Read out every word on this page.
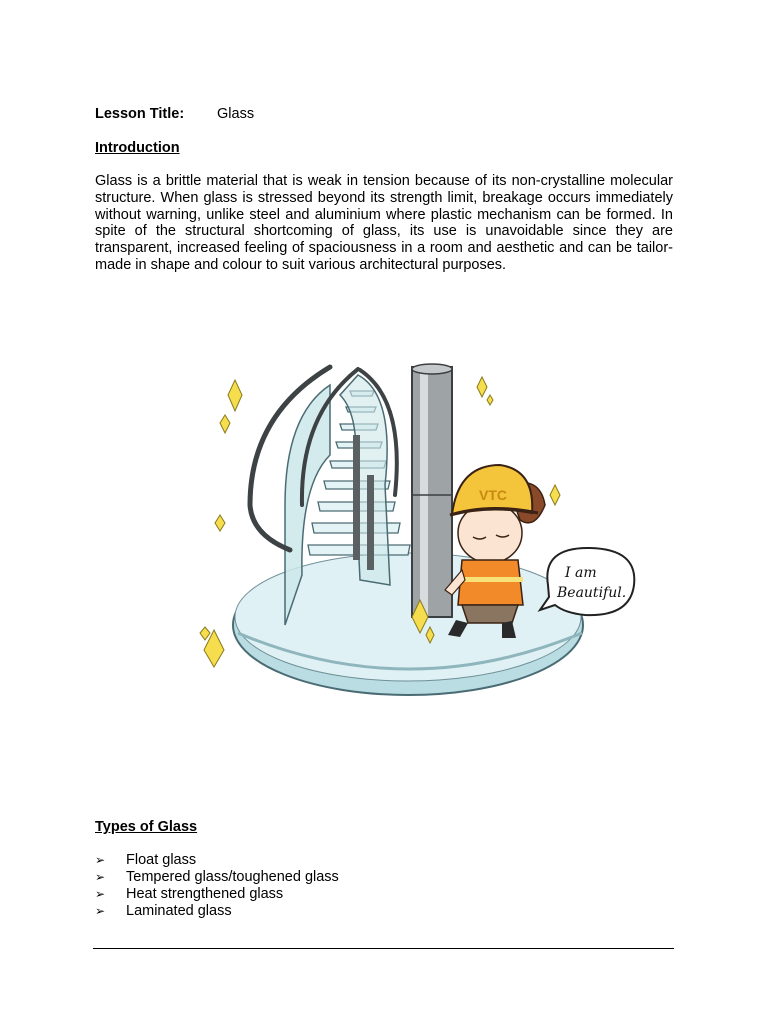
Lesson Title: Glass
Introduction

Glass is a brittle material that is weak in tension because of its non-crystalline molecular structure. When glass is stressed beyond its strength limit, breakage occurs immediately without warning, unlike steel and aluminium where plastic mechanism can be formed. In spite of the structural shortcoming of glass, its use is unavoidable since they are transparent, increased feeling of spaciousness in a room and aesthetic and can be tailor-made in shape and colour to suit various architectural purposes.

Types of Glass
➢ Float glass
➢ Tempered glass/toughened glass
➢ Heat strengthened glass
➢ Laminated glass
VTC
I am
Beautiful.
